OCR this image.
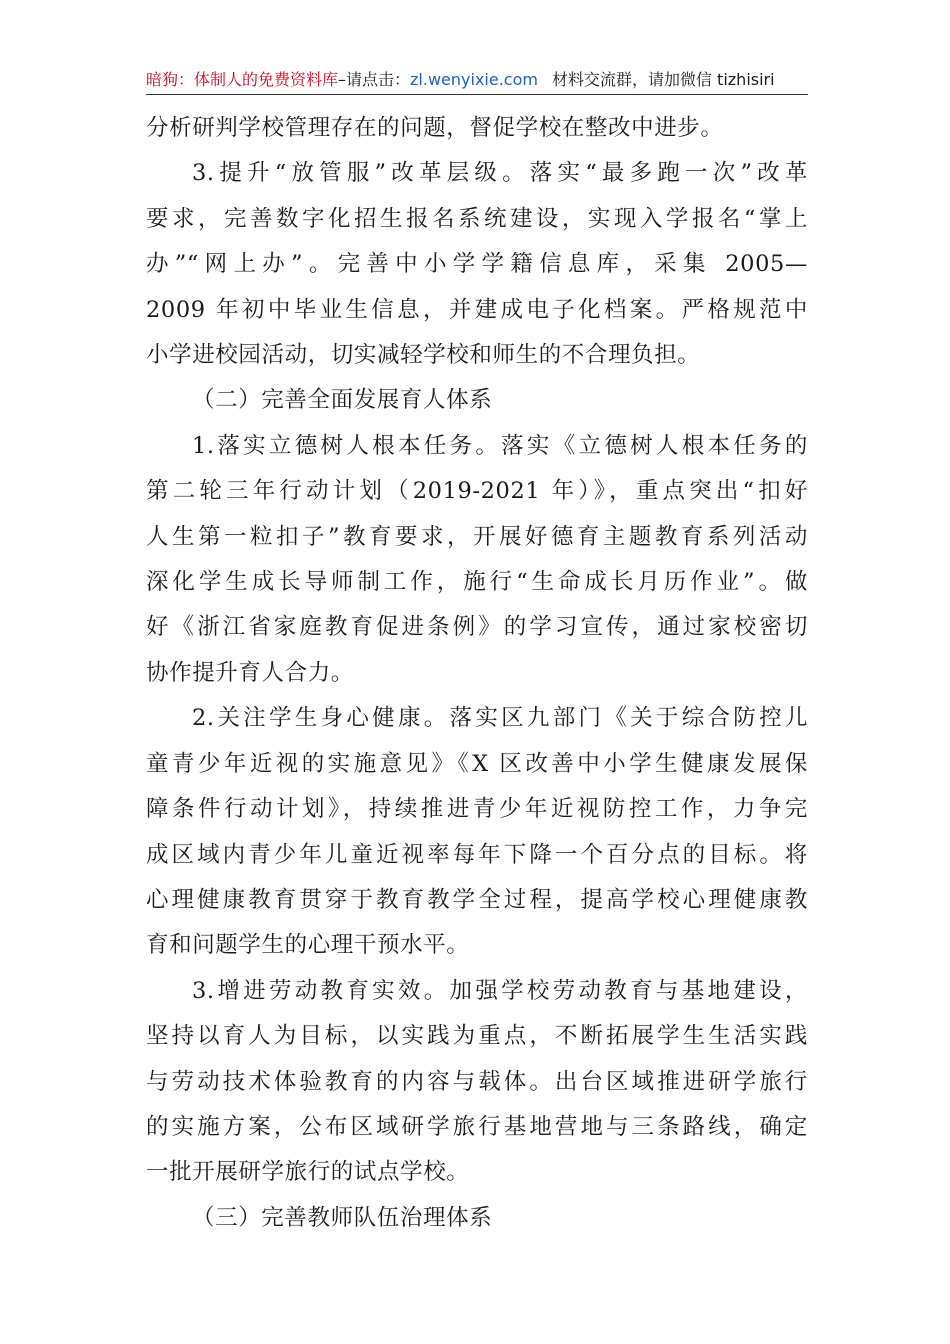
暗狗：体制人的免费资料库–请点击：zl.wenyixie.com 材料交流群，请加微信 tizhisiri

分析研判学校管理存在的问题，督促学校在整改中进步。

3.提升“放管服”改革层级。落实“最多跑一次”改革
要求，完善数字化招生报名系统建设，实现入学报名“掌上
办”“网上办”。完善中小学学籍信息库，采集 2005—
2009 年初中毕业生信息，并建成电子化档案。严格规范中
小学进校园活动，切实减轻学校和师生的不合理负担。

（二）完善全面发展育人体系

1.落实立德树人根本任务。落实《立德树人根本任务的
第二轮三年行动计划（2019-2021 年）》，重点突出“扣好
人生第一粒扣子”教育要求，开展好德育主题教育系列活动
深化学生成长导师制工作，施行“生命成长月历作业”。做
好《浙江省家庭教育促进条例》的学习宣传，通过家校密切
协作提升育人合力。

2.关注学生身心健康。落实区九部门《关于综合防控儿
童青少年近视的实施意见》《X 区改善中小学生健康发展保
障条件行动计划》，持续推进青少年近视防控工作，力争完
成区域内青少年儿童近视率每年下降一个百分点的目标。将
心理健康教育贯穿于教育教学全过程，提高学校心理健康教
育和问题学生的心理干预水平。

3.增进劳动教育实效。加强学校劳动教育与基地建设，
坚持以育人为目标，以实践为重点，不断拓展学生生活实践
与劳动技术体验教育的内容与载体。出台区域推进研学旅行
的实施方案，公布区域研学旅行基地营地与三条路线，确定
一批开展研学旅行的试点学校。

（三）完善教师队伍治理体系
